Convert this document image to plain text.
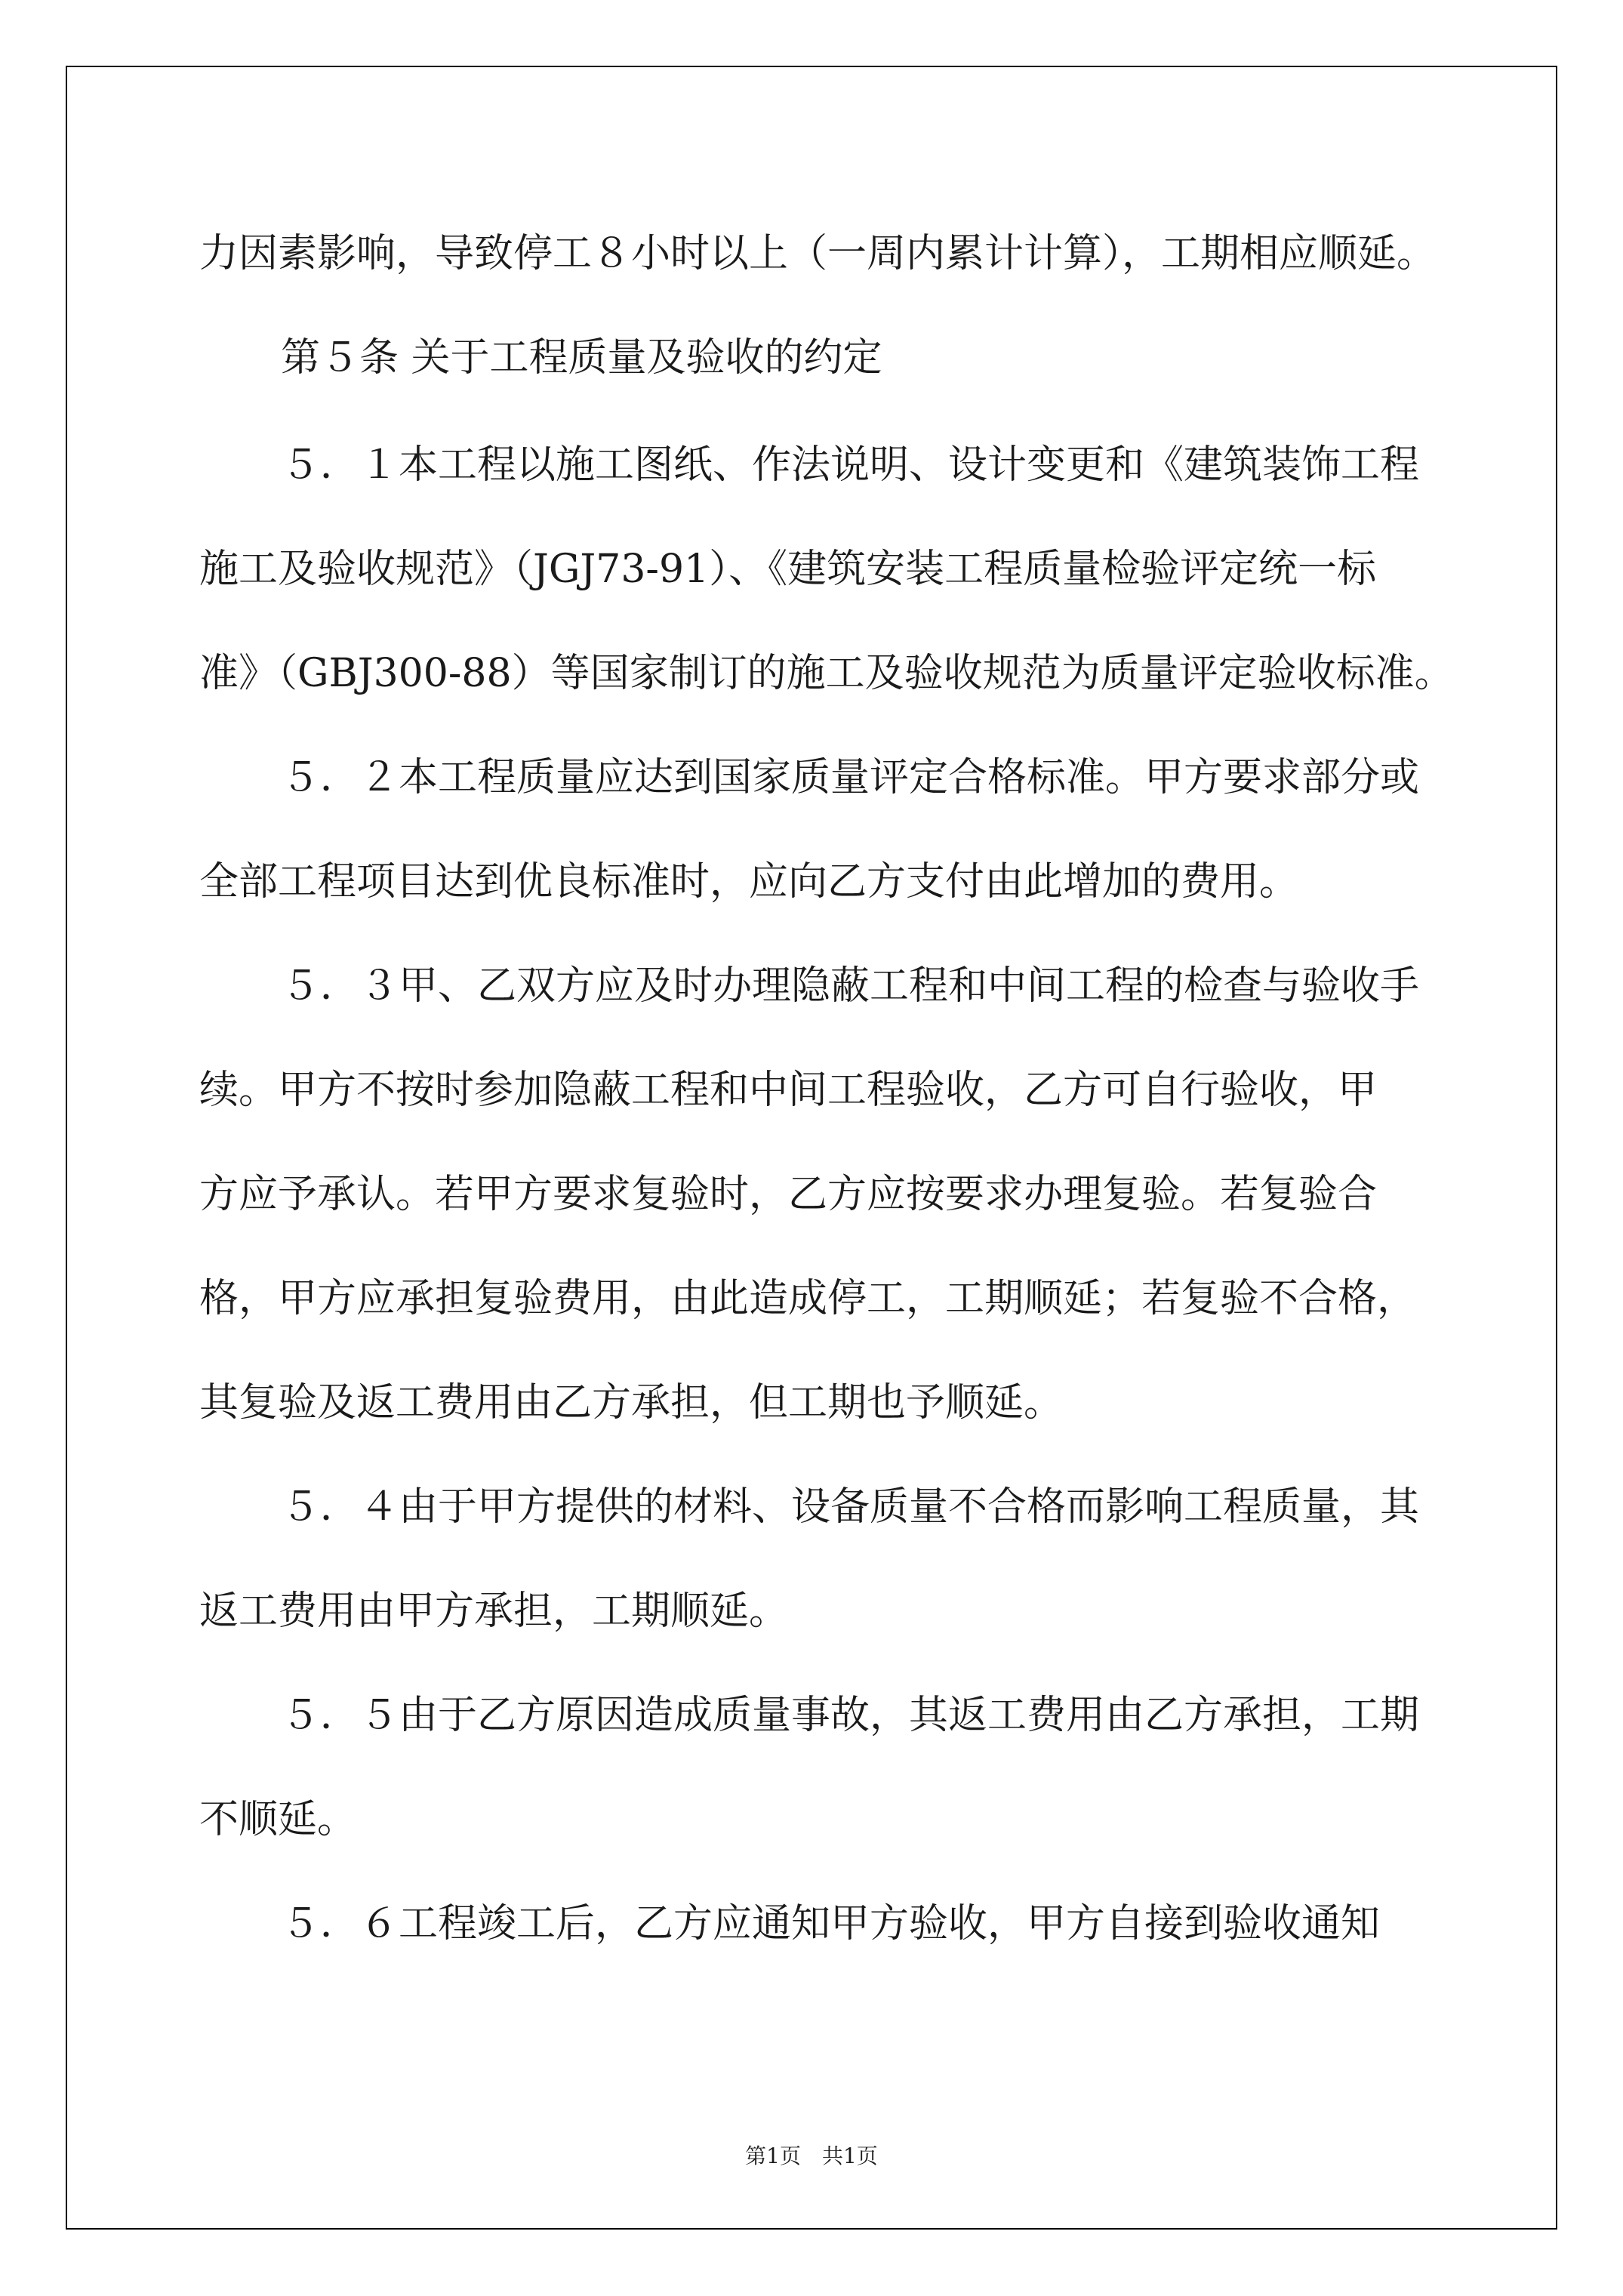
力因素影响，导致停工８小时以上（一周内累计计算），工期相应顺延。

第５条 关于工程质量及验收的约定

５．１本工程以施工图纸、作法说明、设计变更和《建筑装饰工程

施工及验收规范》（JGJ73-91）、《建筑安装工程质量检验评定统一标

准》（GBJ300-88）等国家制订的施工及验收规范为质量评定验收标准。

５．２本工程质量应达到国家质量评定合格标准。甲方要求部分或

全部工程项目达到优良标准时，应向乙方支付由此增加的费用。

５．３甲、乙双方应及时办理隐蔽工程和中间工程的检查与验收手

续。甲方不按时参加隐蔽工程和中间工程验收，乙方可自行验收，甲

方应予承认。若甲方要求复验时，乙方应按要求办理复验。若复验合

格，甲方应承担复验费用，由此造成停工，工期顺延；若复验不合格，

其复验及返工费用由乙方承担，但工期也予顺延。

５．４由于甲方提供的材料、设备质量不合格而影响工程质量，其

返工费用由甲方承担，工期顺延。

５．５由于乙方原因造成质量事故，其返工费用由乙方承担，工期

不顺延。

５．６工程竣工后，乙方应通知甲方验收，甲方自接到验收通知

第1页　共1页
